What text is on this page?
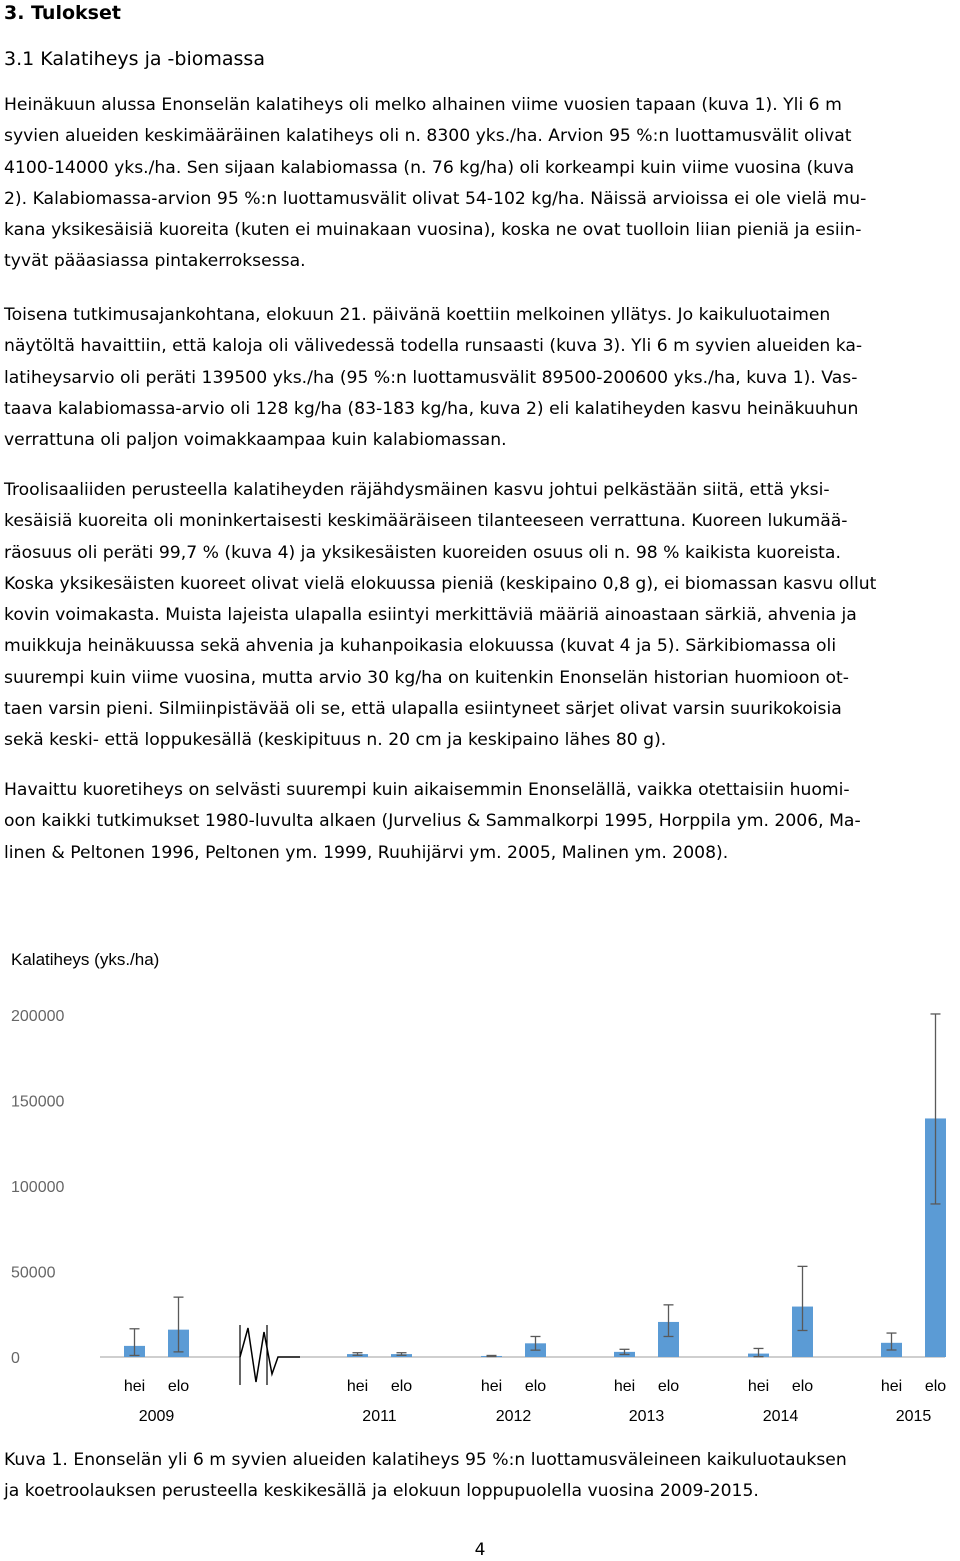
3. Tulokset
3.1 Kalatiheys ja -biomassa

Heinäkuun alussa Enonselän kalatiheys oli melko alhainen viime vuosien tapaan (kuva 1). Yli 6 m
syvien alueiden keskimääräinen kalatiheys oli n. 8300 yks./ha. Arvion 95 %:n luottamusvälit olivat
4100-14000 yks./ha. Sen sijaan kalabiomassa (n. 76 kg/ha) oli korkeampi kuin viime vuosina (kuva
2). Kalabiomassa-arvion 95 %:n luottamusvälit olivat 54-102 kg/ha. Näissä arvioissa ei ole vielä mu-
kana yksikesäisiä kuoreita (kuten ei muinakaan vuosina), koska ne ovat tuolloin liian pieniä ja esiin-
tyvät pääasiassa pintakerroksessa.

Toisena tutkimusajankohtana, elokuun 21. päivänä koettiin melkoinen yllätys. Jo kaikuluotaimen
näytöltä havaittiin, että kaloja oli välivedessä todella runsaasti (kuva 3). Yli 6 m syvien alueiden ka-
latiheysarvio oli peräti 139500 yks./ha (95 %:n luottamusvälit 89500-200600 yks./ha, kuva 1). Vas-
taava kalabiomassa-arvio oli 128 kg/ha (83-183 kg/ha, kuva 2) eli kalatiheyden kasvu heinäkuuhun
verrattuna oli paljon voimakkaampaa kuin kalabiomassan.

Troolisaaliiden perusteella kalatiheyden räjähdysmäinen kasvu johtui pelkästään siitä, että yksi-
kesäisiä kuoreita oli moninkertaisesti keskimääräiseen tilanteeseen verrattuna. Kuoreen lukumää-
räosuus oli peräti 99,7 % (kuva 4) ja yksikesäisten kuoreiden osuus oli n. 98 % kaikista kuoreista.
Koska yksikesäisten kuoreet olivat vielä elokuussa pieniä (keskipaino 0,8 g), ei biomassan kasvu ollut
kovin voimakasta. Muista lajeista ulapalla esiintyi merkittäviä määriä ainoastaan särkiä, ahvenia ja
muikkuja heinäkuussa sekä ahvenia ja kuhanpoikasia elokuussa (kuvat 4 ja 5). Särkibiomassa oli
suurempi kuin viime vuosina, mutta arvio 30 kg/ha on kuitenkin Enonselän historian huomioon ot-
taen varsin pieni. Silmiinpistävää oli se, että ulapalla esiintyneet särjet olivat varsin suurikokoisia
sekä keski- että loppukesällä (keskipituus n. 20 cm ja keskipaino lähes 80 g).

Havaittu kuoretiheys on selvästi suurempi kuin aikaisemmin Enonselällä, vaikka otettaisiin huomi-
oon kaikki tutkimukset 1980-luvulta alkaen (Jurvelius & Sammalkorpi 1995, Horppila ym. 2006, Ma-
linen & Peltonen 1996, Peltonen ym. 1999, Ruuhijärvi ym. 2005, Malinen ym. 2008).

Kalatiheys (yks./ha)
0
50000
100000
150000
200000
hei elo
2009
hei elo
2011
hei elo
2012
hei elo
2013
hei elo
2014
hei elo
2015

Kuva 1. Enonselän yli 6 m syvien alueiden kalatiheys 95 %:n luottamusväleineen kaikuluotauksen
ja koetroolauksen perusteella keskikesällä ja elokuun loppupuolella vuosina 2009-2015.

4
